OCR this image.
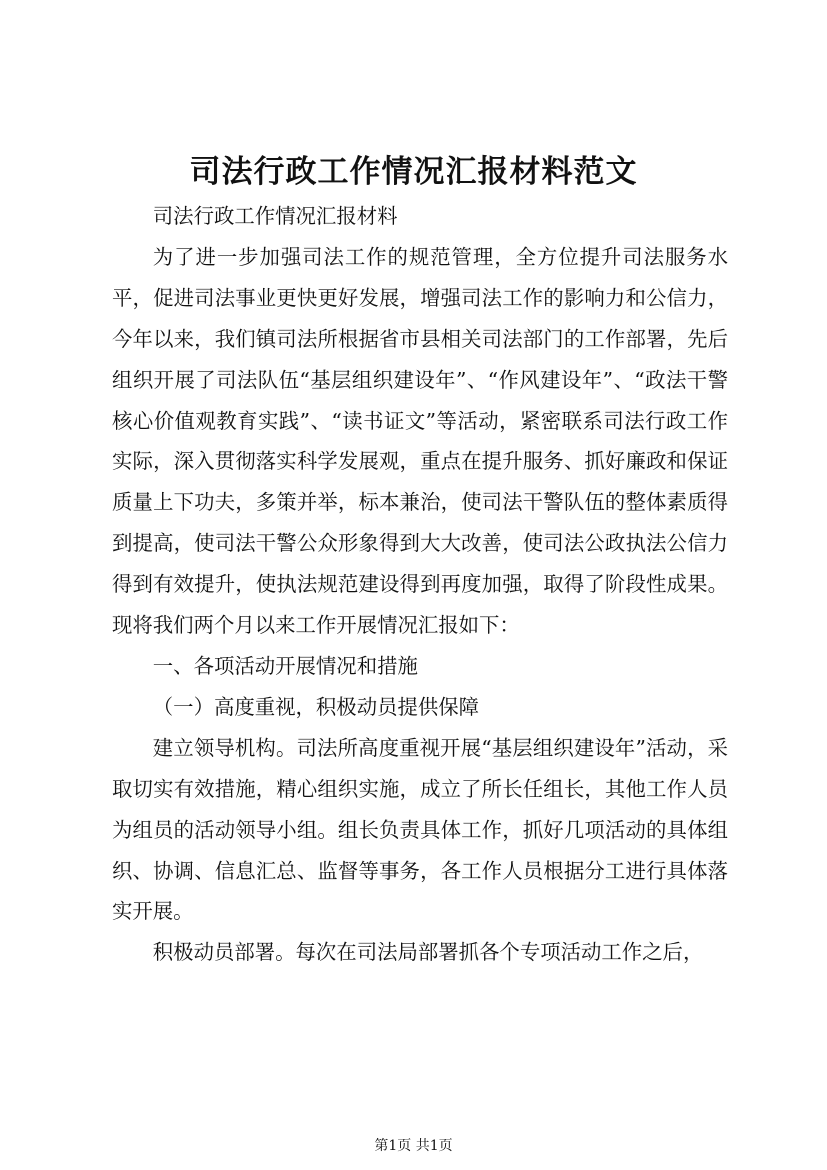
司法行政工作情况汇报材料范文

司法行政工作情况汇报材料

为了进一步加强司法工作的规范管理，全方位提升司法服务水平，促进司法事业更快更好发展，增强司法工作的影响力和公信力，今年以来，我们镇司法所根据省市县相关司法部门的工作部署，先后组织开展了司法队伍“基层组织建设年”、“作风建设年”、“政法干警核心价值观教育实践”、“读书证文”等活动，紧密联系司法行政工作实际，深入贯彻落实科学发展观，重点在提升服务、抓好廉政和保证质量上下功夫，多策并举，标本兼治，使司法干警队伍的整体素质得到提高，使司法干警公众形象得到大大改善，使司法公政执法公信力得到有效提升，使执法规范建设得到再度加强，取得了阶段性成果。现将我们两个月以来工作开展情况汇报如下：

一、各项活动开展情况和措施

（一）高度重视，积极动员提供保障

建立领导机构。司法所高度重视开展“基层组织建设年”活动，采取切实有效措施，精心组织实施，成立了所长任组长，其他工作人员为组员的活动领导小组。组长负责具体工作，抓好几项活动的具体组织、协调、信息汇总、监督等事务，各工作人员根据分工进行具体落实开展。

积极动员部署。每次在司法局部署抓各个专项活动工作之后，

第1页 共1页
